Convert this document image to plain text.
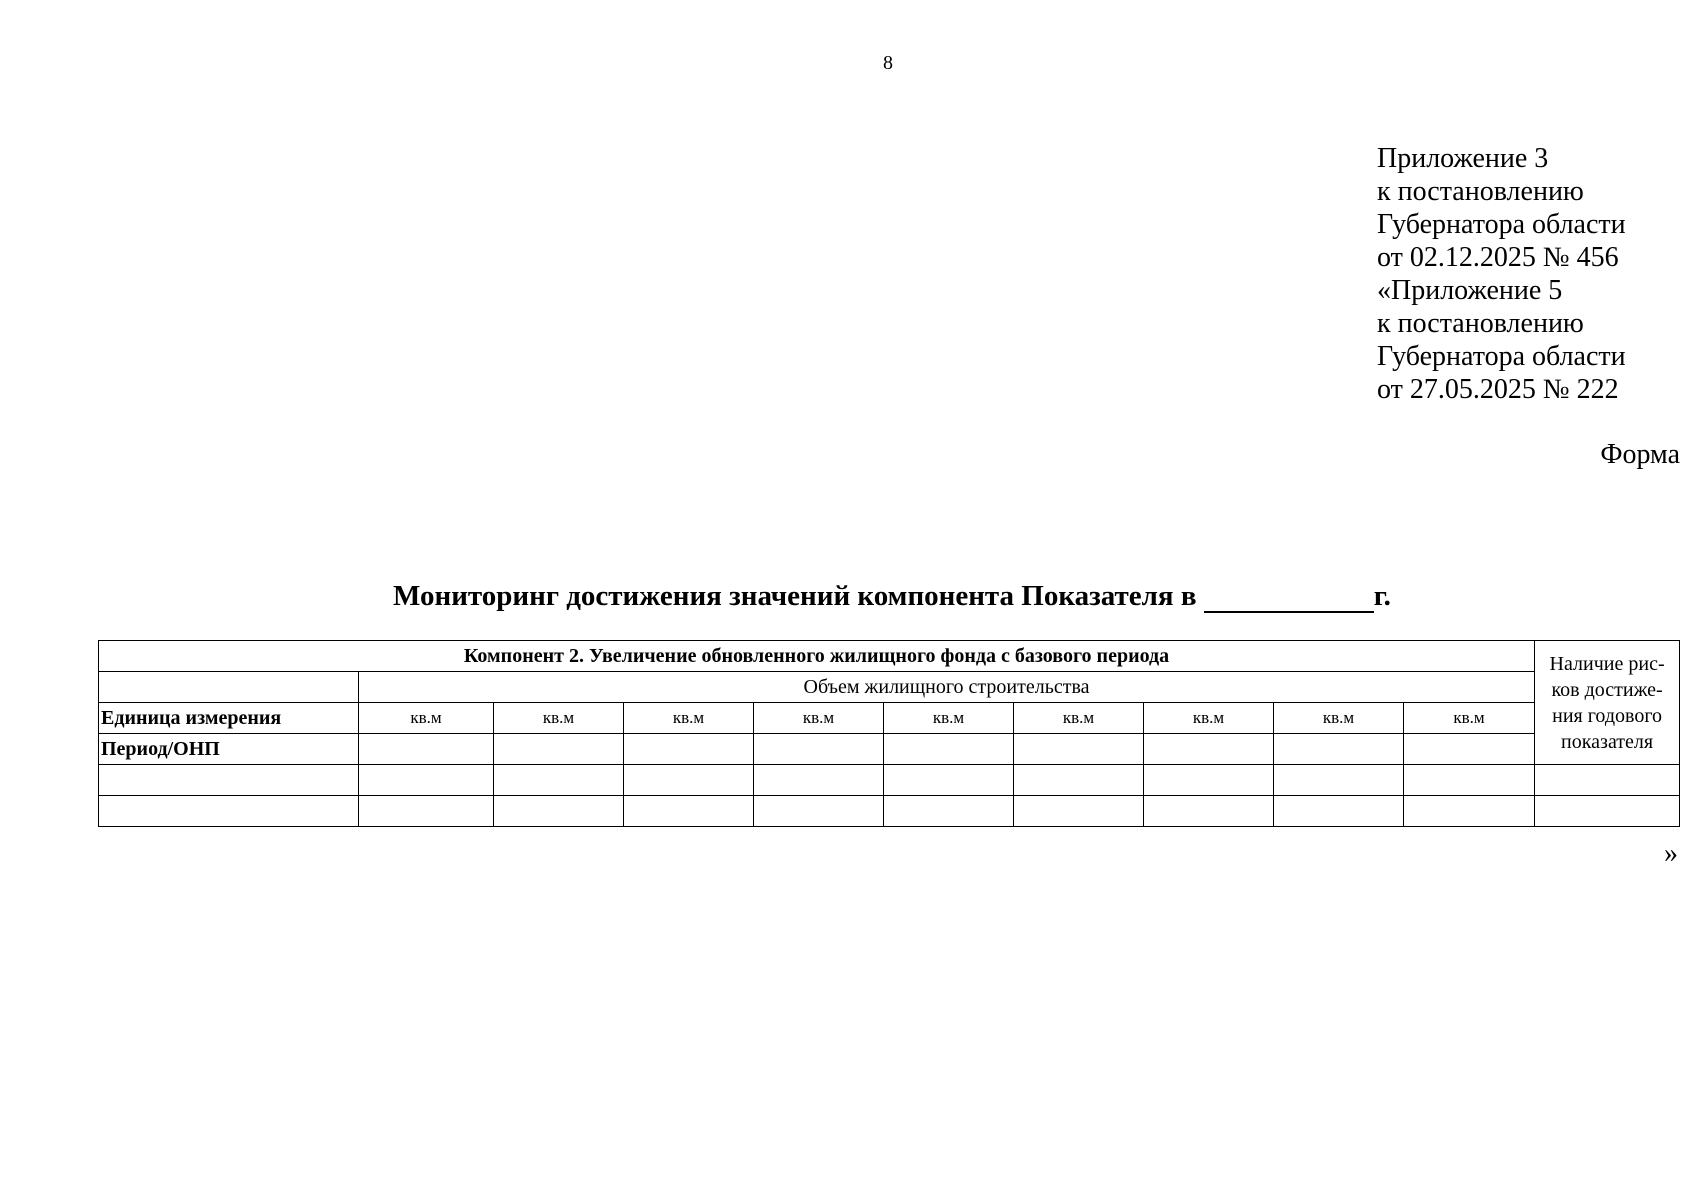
8
Приложение 3
к постановлению
Губернатора области
от 02.12.2025 № 456
«Приложение 5
к постановлению
Губернатора области
от 27.05.2025 № 222
Форма
Мониторинг достижения значений компонента Показателя в	г.
Компонент 2. Увеличение обновленного жилищного фонда с базового периода										Наличие рис-ков достиже-ния годового показателя
	Объем жилищного строительства									
Единица измерения	кв.м	кв.м	кв.м	кв.м	кв.м	кв.м	кв.м	кв.м	кв.м	
Период/ОНП										

»
